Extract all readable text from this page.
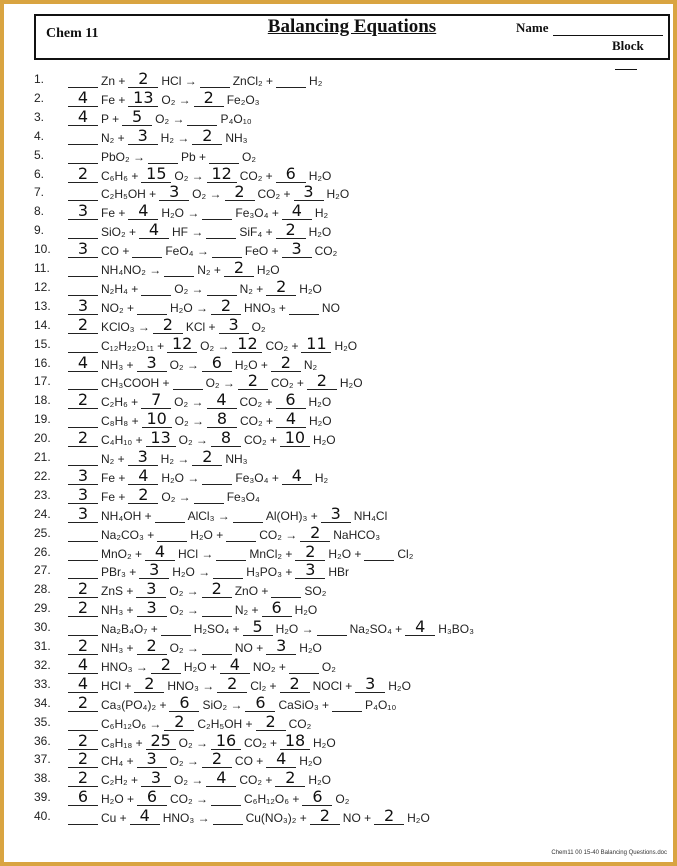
Chem 11	Balancing Equations	Name
Block
1.	Zn +2 HCl →	ZnCl₂ +	H₂
2.	4 Fe +13 O₂ →2 Fe₂O₃
3.	4 P +5 O₂ →	P₄O₁₀
4.	N₂ +3 H₂ →2 NH₃
5.	PbO₂ →	Pb +	O₂
6.	2 C₆H₆ +15 O₂ →12 CO₂ +6 H₂O
7.	C₂H₅OH +3 O₂ →2 CO₂ +3 H₂O
8.	3 Fe +4 H₂O →	Fe₃O₄ +4 H₂
9.	SiO₂ +4 HF →	SiF₄ +2 H₂O
10.	3 CO +	FeO₄ →	FeO +3 CO₂
11.	NH₄NO₂ →	N₂ +2 H₂O
12.	N₂H₄ +	O₂ →	N₂ +2 H₂O
13.	3 NO₂ +	H₂O →2 HNO₃ +	NO
14.	2 KClO₃ →2 KCl +3 O₂
15.	C₁₂H₂₂O₁₁ +12 O₂ →12 CO₂ +11 H₂O
16.	4 NH₃ +3 O₂ →6 H₂O +2 N₂
17.	CH₃COOH +	O₂ →2 CO₂ +2 H₂O
18.	2 C₂H₆ +7 O₂ →4 CO₂ +6 H₂O
19.	C₈H₈ +10 O₂ →8 CO₂ +4 H₂O
20.	2 C₄H₁₀ +13 O₂ →8 CO₂ +10 H₂O
21.	N₂ +3 H₂ →2 NH₃
22.	3 Fe +4 H₂O →	Fe₃O₄ +4 H₂
23.	3 Fe +2 O₂ →	Fe₃O₄
24.	3 NH₄OH +	AlCl₃ →	Al(OH)₃ +3 NH₄Cl
25.	Na₂CO₃ +	H₂O +	CO₂ →2 NaHCO₃
26.	MnO₂ +4 HCl →	MnCl₂ +2 H₂O +	Cl₂
27.	PBr₃ +3 H₂O →	H₃PO₃ +3 HBr
28.	2 ZnS +3 O₂ →2 ZnO +	SO₂
29.	2 NH₃ +3 O₂ →	N₂ +6 H₂O
30.	Na₂B₄O₇ +	H₂SO₄ +5 H₂O →	Na₂SO₄ +4 H₃BO₃
31.	2 NH₃ +2 O₂ →	NO +3 H₂O
32.	4 HNO₃ →2 H₂O +4 NO₂ +	O₂
33.	4 HCl +2 HNO₃ →2 Cl₂ +2 NOCl +3 H₂O
34.	2 Ca₃(PO₄)₂ +6 SiO₂ →6 CaSiO₃ +	P₄O₁₀
35.	C₆H₁₂O₆ →2 C₂H₅OH +2 CO₂
36.	2 C₈H₁₈ +25 O₂ →16 CO₂ +18 H₂O
37.	2 CH₄ +3 O₂ →2 CO +4 H₂O
38.	2 C₂H₂ +3 O₂ →4 CO₂ +2 H₂O
39.	6 H₂O +6 CO₂ →	C₆H₁₂O₆ +6 O₂
40.	Cu +4 HNO₃ →	Cu(NO₃)₂ +2 NO +2 H₂O
Chem11 00 15-40 Balancing Questions.doc
